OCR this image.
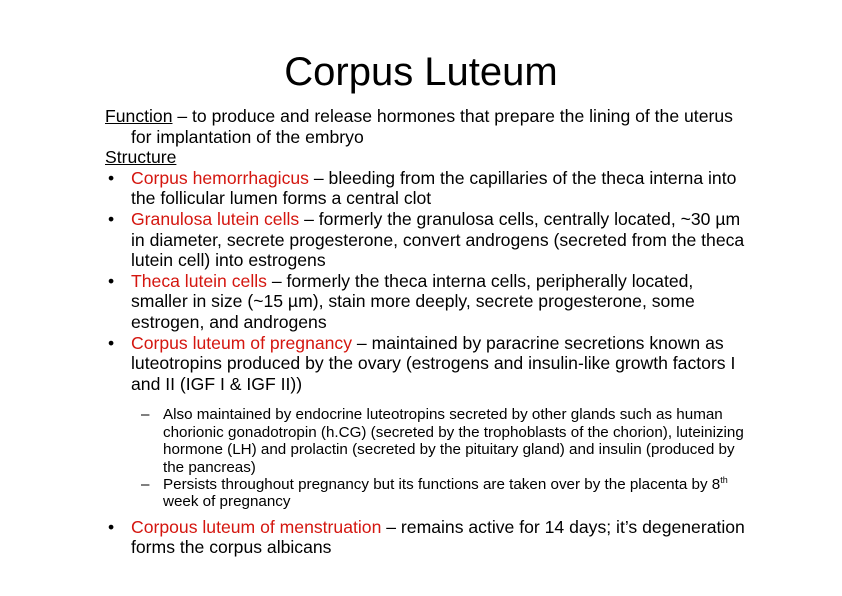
Corpus Luteum

Function – to produce and release hormones that prepare the lining of the uterus for implantation of the embryo

Structure

• Corpus hemorrhagicus – bleeding from the capillaries of the theca interna into the follicular lumen forms a central clot

• Granulosa lutein cells – formerly the granulosa cells, centrally located, ~30 µm in diameter, secrete progesterone, convert androgens (secreted from the theca lutein cell) into estrogens

• Theca lutein cells – formerly the theca interna cells, peripherally located, smaller in size (~15 µm), stain more deeply, secrete progesterone, some estrogen, and androgens

• Corpus luteum of pregnancy – maintained by paracrine secretions known as luteotropins produced by the ovary (estrogens and insulin-like growth factors I and II (IGF I & IGF II))

– Also maintained by endocrine luteotropins secreted by other glands such as human chorionic gonadotropin (h.CG) (secreted by the trophoblasts of the chorion), luteinizing hormone (LH) and prolactin (secreted by the pituitary gland) and insulin (produced by the pancreas)

– Persists throughout pregnancy but its functions are taken over by the placenta by 8th week of pregnancy

• Corpous luteum of menstruation – remains active for 14 days; it’s degeneration forms the corpus albicans
